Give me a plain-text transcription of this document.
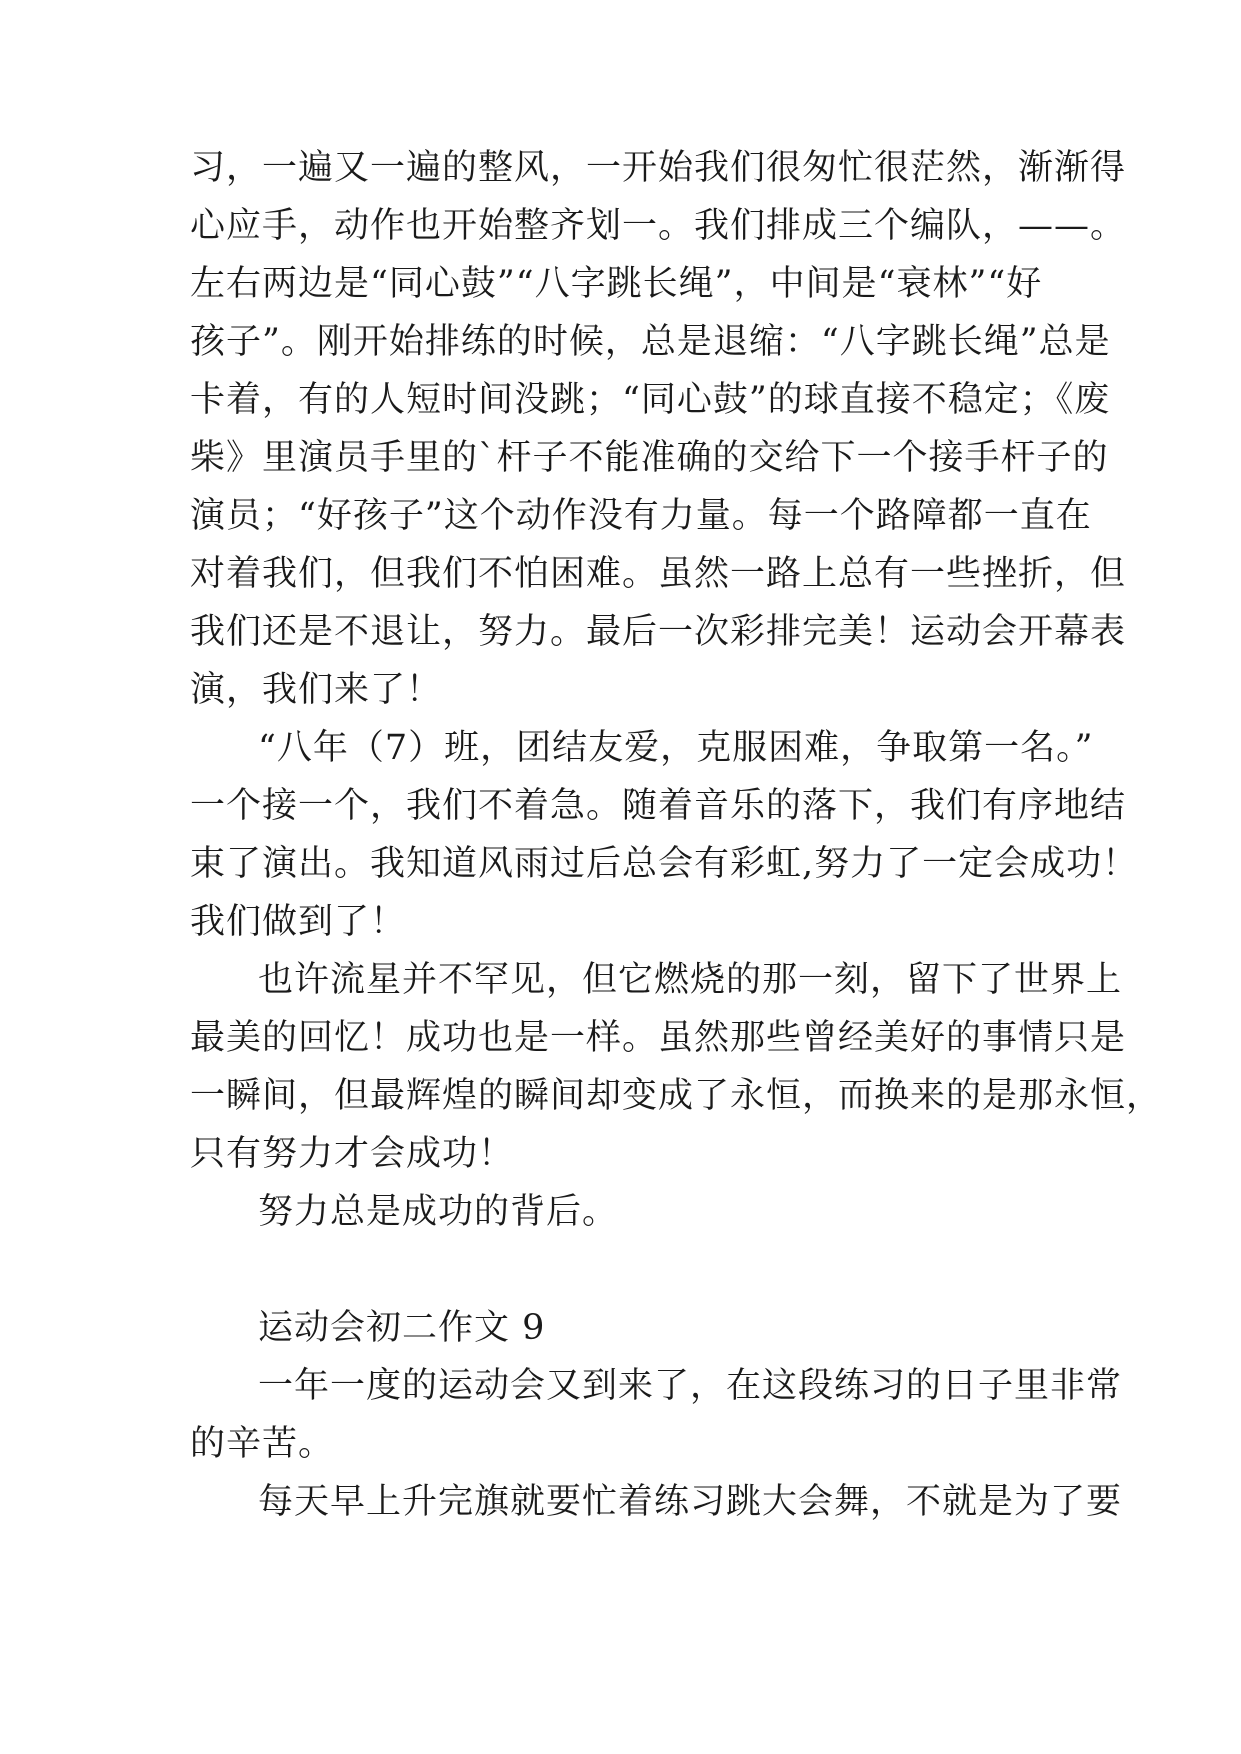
习，一遍又一遍的整风，一开始我们很匆忙很茫然，渐渐得
心应手，动作也开始整齐划一。我们排成三个编队，——。
左右两边是“同心鼓”“八字跳长绳”，中间是“衰林”“好
孩子”。刚开始排练的时候，总是退缩：“八字跳长绳”总是
卡着，有的人短时间没跳；“同心鼓”的球直接不稳定；《废
柴》里演员手里的`杆子不能准确的交给下一个接手杆子的
演员；“好孩子”这个动作没有力量。每一个路障都一直在
对着我们，但我们不怕困难。虽然一路上总有一些挫折，但
我们还是不退让，努力。最后一次彩排完美！运动会开幕表
演，我们来了！
“八年（7）班，团结友爱，克服困难，争取第一名。”
一个接一个，我们不着急。随着音乐的落下，我们有序地结
束了演出。我知道风雨过后总会有彩虹,努力了一定会成功！
我们做到了！
也许流星并不罕见，但它燃烧的那一刻，留下了世界上
最美的回忆！成功也是一样。虽然那些曾经美好的事情只是
一瞬间，但最辉煌的瞬间却变成了永恒，而换来的是那永恒，
只有努力才会成功！
努力总是成功的背后。
运动会初二作文 9
一年一度的运动会又到来了，在这段练习的日子里非常
的辛苦。
每天早上升完旗就要忙着练习跳大会舞，不就是为了要
